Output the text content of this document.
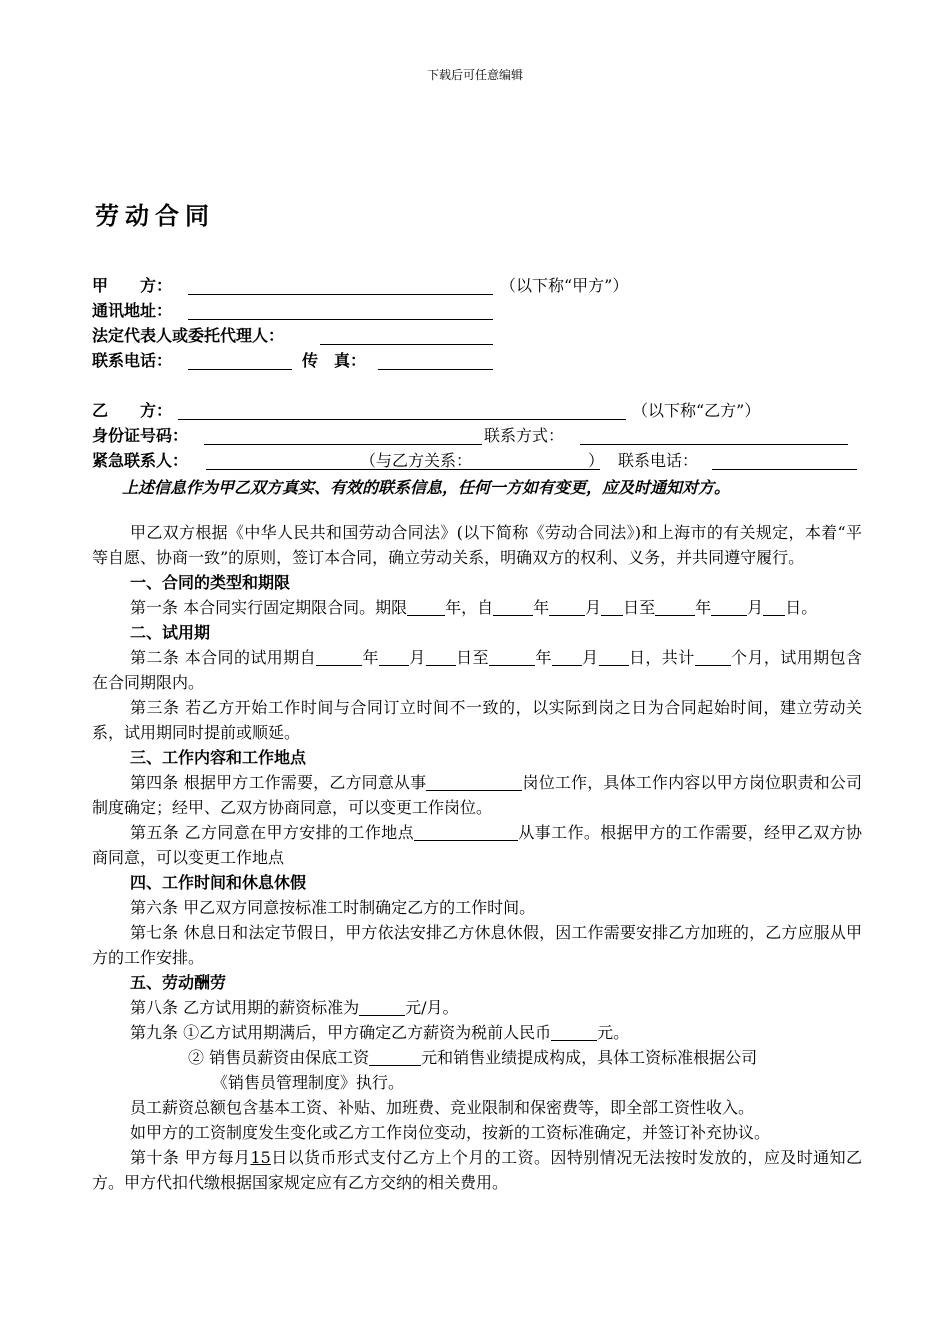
下载后可任意编辑
劳动合同
甲　　方：	（以下称“甲方”）
通讯地址：
法定代表人或委托代理人：
联系电话：	传　真：
乙　　方：	（以下称“乙方”）
身份证号码：	联系方式：
紧急联系人：	（与乙方关系：	） 联系电话：
上述信息作为甲乙双方真实、有效的联系信息，任何一方如有变更，应及时通知对方。

甲乙双方根据《中华人民共和国劳动合同法》(以下简称《劳动合同法》)和上海市的有关规定，本着“平等自愿、协商一致”的原则，签订本合同，确立劳动关系，明确双方的权利、义务，并共同遵守履行。

一、合同的类型和期限

第一条 本合同实行固定期限合同。期限 年，自	年 月 日至	年 月 日。

二、试用期

第二条 本合同的试用期自	年 月 日至	年 月 日，共计 个月，试用期包含在合同期限内。

第三条 若乙方开始工作时间与合同订立时间不一致的，以实际到岗之日为合同起始时间，建立劳动关系，试用期同时提前或顺延。

三、工作内容和工作地点

第四条 根据甲方工作需要，乙方同意从事	岗位工作，具体工作内容以甲方岗位职责和公司制度确定；经甲、乙双方协商同意，可以变更工作岗位。

第五条 乙方同意在甲方安排的工作地点	从事工作。根据甲方的工作需要，经甲乙双方协商同意，可以变更工作地点

四、工作时间和休息休假

第六条 甲乙双方同意按标准工时制确定乙方的工作时间。

第七条 休息日和法定节假日，甲方依法安排乙方休息休假，因工作需要安排乙方加班的，乙方应服从甲方的工作安排。

五、劳动酬劳

第八条 乙方试用期的薪资标准为	元/月。

第九条 ①乙方试用期满后，甲方确定乙方薪资为税前人民币	元。

② 销售员薪资由保底工资	元和销售业绩提成构成，具体工资标准根据公司

《销售员管理制度》执行。

员工薪资总额包含基本工资、补贴、加班费、竞业限制和保密费等，即全部工资性收入。

如甲方的工资制度发生变化或乙方工作岗位变动，按新的工资标准确定，并签订补充协议。

第十条 甲方每月15日以货币形式支付乙方上个月的工资。因特别情况无法按时发放的，应及时通知乙方。甲方代扣代缴根据国家规定应有乙方交纳的相关费用。
